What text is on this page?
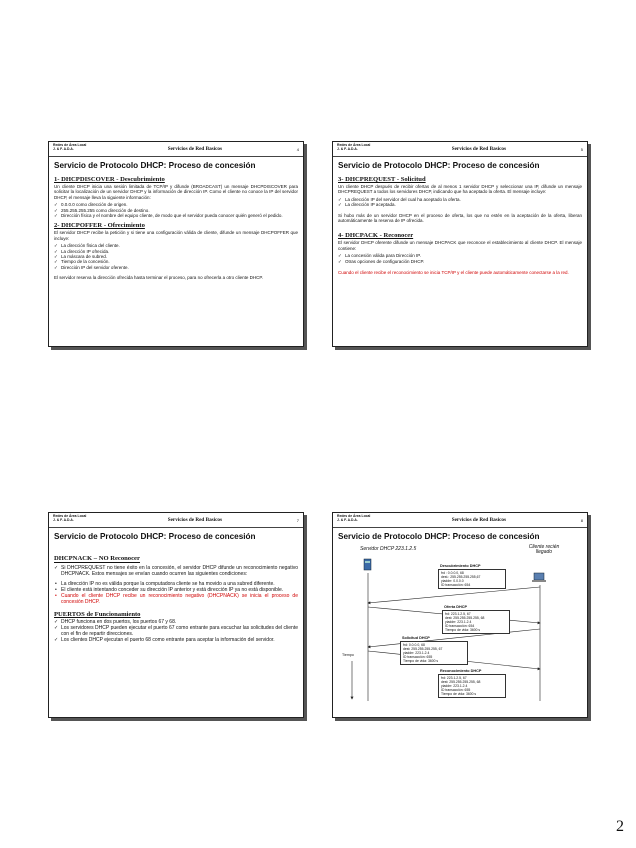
Redes de Área Local
J. & F. A.D.A.	Servicios de Red Basicos	4
Servicio de Protocolo DHCP: Proceso de concesión
1- DHCPDISCOVER - Descubrimiento
Un cliente DHCP inicia una sesión limitada de TCP/IP y difunde (BROADCAST) un mensaje DHCPDISCOVER para solicitar la localización de un servidor DHCP y la información de dirección IP. Como el cliente no conoce la IP del servidor DHCP, el mensaje lleva la siguiente información:
✓ 0.0.0.0 como dirección de origen.
✓ 255.255.255.255 como dirección de destino.
✓ Dirección física y el nombre del equipo cliente, de modo que el servidor pueda conocer quién generó el pedido.
2- DHCPOFFER - Ofrecimiento
El servidor DHCP recibe la petición y si tiene una configuración válida de cliente, difunde un mensaje DHCPOFFER que incluye:
✓ La dirección física del cliente.
✓ La dirección IP ofrecida.
✓ La máscara de subred.
✓ Tiempo de la concesión.
✓ Dirección IP del servidor oferente.
El servidor reserva la dirección ofrecida hasta terminar el proceso, para no ofrecerla a otro cliente DHCP.
Redes de Área Local
J. & F. A.D.A.	Servicios de Red Basicos	5
Servicio de Protocolo DHCP: Proceso de concesión
3- DHCPREQUEST - Solicitud
Un cliente DHCP después de recibir ofertas de al menos 1 servidor DHCP y seleccionar una IP, difunde un mensaje DHCPREQUEST a todos los servidores DHCP, indicando que ha aceptado la oferta. El mensaje incluye:
✓ La dirección IP del servidor del cual ha aceptado la oferta.
✓ La dirección IP aceptada.
Si hubo más de un servidor DHCP en el proceso de oferta, los que no estén en la aceptación de la oferta, liberan automáticamente la reserva de IP ofrecida.
4- DHCPACK - Reconocer
El servidor DHCP oferente difunde un mensaje DHCPACK que reconoce el establecimiento al cliente DHCP. El mensaje contiene:
✓ La concesión válida para Dirección IP.
✓ Otras opciones de configuración DHCP.
Cuando el cliente recibe el reconocimiento se inicia TCP/IP y el cliente puede automáticamente conectarse a la red.
Redes de Área Local
J. & F. A.D.A.	Servicios de Red Basicos	7
Servicio de Protocolo DHCP: Proceso de concesión
DHCPNACK – NO Reconocer
✓ Si DHCPREQUEST no tiene éxito en la concesión, el servidor DHCP difunde un reconocimiento negativo DHCPNACK. Estos mensajes se envían cuando ocurren las siguientes condiciones:
• La dirección IP no es válida porque la computadora cliente se ha movido a una subred diferente.
• El cliente está intentando conceder su dirección IP anterior y está dirección IP ya no está disponible.
• Cuando el cliente DHCP recibe un reconocimiento negativo (DHCPNACK) se inicia el proceso de concesión DHCP.
PUERTOS de Funcionamiento
✓ DHCP funciona en dos puertos, los puertos 67 y 68.
✓ Los servidores DHCP pueden ejecutar el puerto 67 como entrante para escuchar las solicitudes del cliente con el fin de repartir direcciones.
✓ Los clientes DHCP ejecutan el puerto 68 como entrante para aceptar la información del servidor.
Redes de Área Local
J. & F. A.D.A.	Servicios de Red Basicos	8
Servicio de Protocolo DHCP: Proceso de concesión
Servidor DHCP 223.1.2.5	Cliente recién llegado
Tiempo
Descubrimiento DHCP
frd : 0.0.0.0, 68
dest.: 255.255.255.255,67
yiaddrr: 0.0.0.0
ID transacción: 654
Oferta DHCP
frd: 223.1.2.5, 67
dest: 255.255.255.255, 68
yiaddrr: 223.1.2.4
ID transacción: 654
Tiempo de vida: 3600 s
Solicitud DHCP
frd: 0.0.0.0, 68
dest: 255.255.255.255, 67
yiaddrr: 223.1.2.4
ID transacción: 655
Tiempo de vida: 3600 s
Reconocimiento DHCP
frd: 223.1.2.5, 67
dest: 255.255.255.255, 68
yiaddrr: 223.1.2.4
ID transacción: 655
Tiempo de vida: 3600 s
2
